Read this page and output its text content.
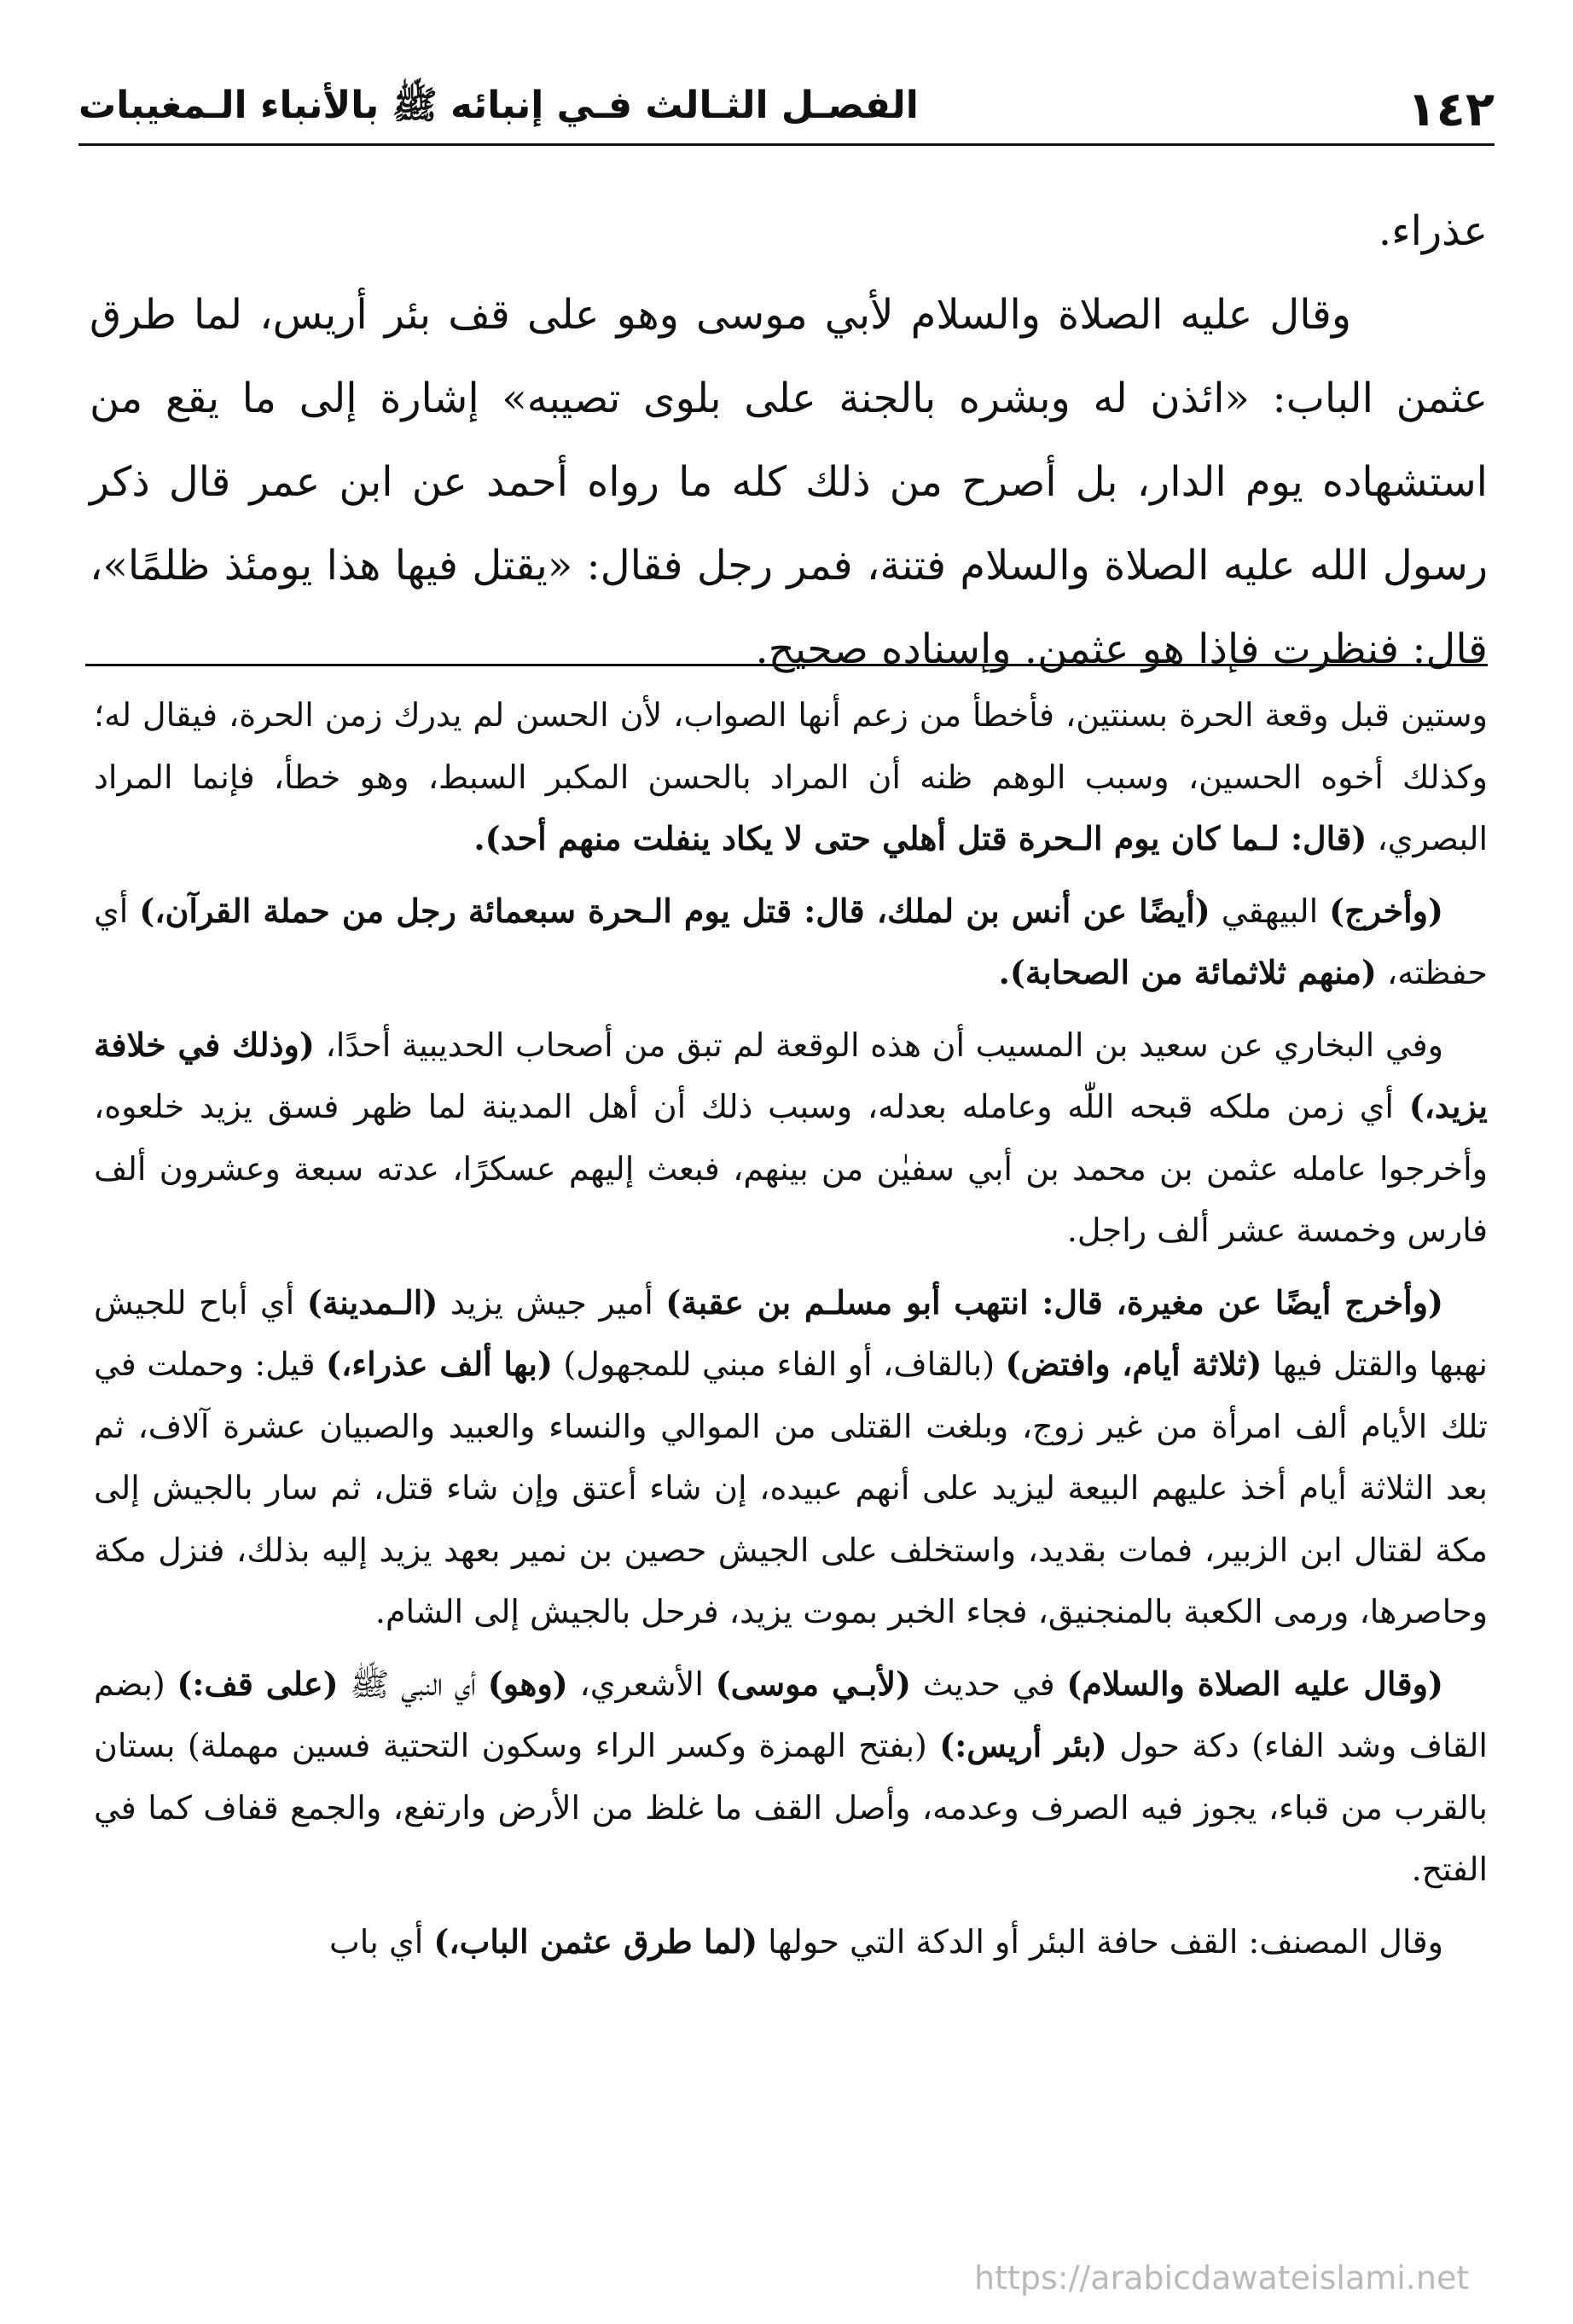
١٤٢
الفصـل الثـالث فـي إنبائه ﷺ بالأنباء الـمغيبات

عذراء.

وقال عليه الصلاة والسلام لأبي موسى وهو على قف بئر أريس، لما طرق عثمن الباب: «ائذن له وبشره بالجنة على بلوى تصيبه» إشارة إلى ما يقع من استشهاده يوم الدار، بل أصرح من ذلك كله ما رواه أحمد عن ابن عمر قال ذكر رسول الله عليه الصلاة والسلام فتنة، فمر رجل فقال: «يقتل فيها هذا يومئذ ظلمًا»، قال: فنظرت فإذا هو عثمن. وإسناده صحيح.

وستين قبل وقعة الحرة بسنتين، فأخطأ من زعم أنها الصواب، لأن الحسن لم يدرك زمن الحرة، فيقال له؛ وكذلك أخوه الحسين، وسبب الوهم ظنه أن المراد بالحسن المكبر السبط، وهو خطأ، فإنما المراد البصري، (قال: لـما كان يوم الـحرة قتل أهلي حتى لا يكاد ينفلت منهم أحد).

(وأخرج) البيهقي (أيضًا عن أنس بن لملك، قال: قتل يوم الـحرة سبعمائة رجل من حملة القرآن،) أي حفظته، (منهم ثلاثمائة من الصحابة).

وفي البخاري عن سعيد بن المسيب أن هذه الوقعة لم تبق من أصحاب الحديبية أحدًا، (وذلك في خلافة يزيد،) أي زمن ملكه قبحه اللّٰه وعامله بعدله، وسبب ذلك أن أهل المدينة لما ظهر فسق يزيد خلعوه، وأخرجوا عامله عثمن بن محمد بن أبي سفيٰن من بينهم، فبعث إليهم عسكرًا، عدته سبعة وعشرون ألف فارس وخمسة عشر ألف راجل.

(وأخرج أيضًا عن مغيرة، قال: انتهب أبو مسلـم بن عقبة) أمير جيش يزيد (الـمدينة) أي أباح للجيش نهبها والقتل فيها (ثلاثة أيام، وافتض) (بالقاف، أو الفاء مبني للمجهول) (بها ألف عذراء،) قيل: وحملت في تلك الأيام ألف امرأة من غير زوج، وبلغت القتلى من الموالي والنساء والعبيد والصبيان عشرة آلاف، ثم بعد الثلاثة أيام أخذ عليهم البيعة ليزيد على أنهم عبيده، إن شاء أعتق وإن شاء قتل، ثم سار بالجيش إلى مكة لقتال ابن الزبير، فمات بقديد، واستخلف على الجيش حصين بن نمير بعهد يزيد إليه بذلك، فنزل مكة وحاصرها، ورمى الكعبة بالمنجنيق، فجاء الخبر بموت يزيد، فرحل بالجيش إلى الشام.

(وقال عليه الصلاة والسلام) في حديث (لأبـي موسى) الأشعري، (وهو) أي النبي ﷺ (على قف:) (بضم القاف وشد الفاء) دكة حول (بئر أريس:) (بفتح الهمزة وكسر الراء وسكون التحتية فسين مهملة) بستان بالقرب من قباء، يجوز فيه الصرف وعدمه، وأصل القف ما غلظ من الأرض وارتفع، والجمع قفاف كما في الفتح.

وقال المصنف: القف حافة البئر أو الدكة التي حولها (لما طرق عثمن الباب،) أي باب

https://arabicdawateislami.net
